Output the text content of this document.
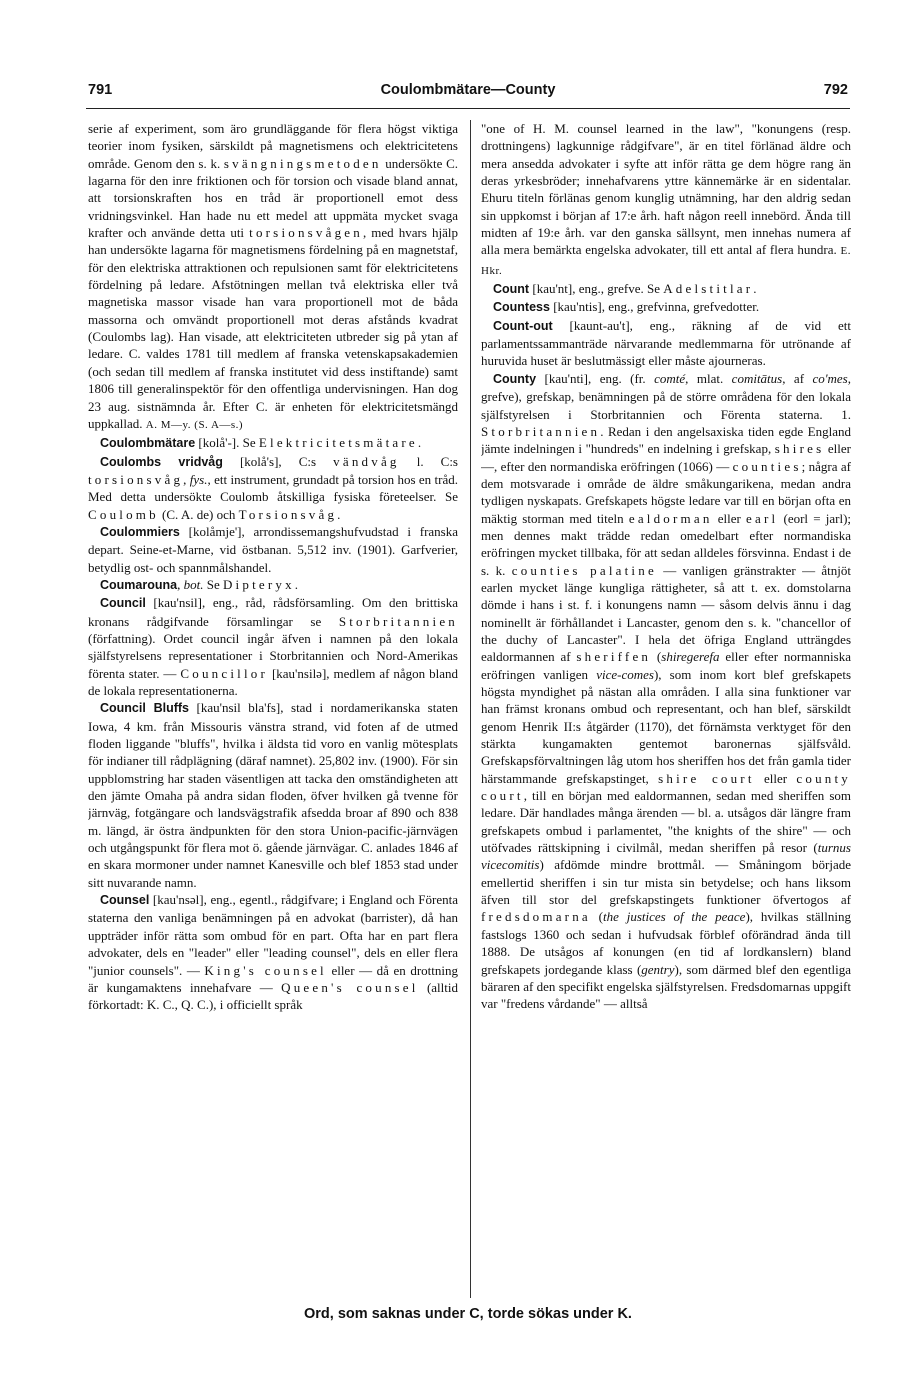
791	Coulombmätare—County	792

serie af experiment, som äro grundläggande för flera högst viktiga teorier inom fysiken, särskildt på magnetismens och elektricitetens område. Genom den s. k. svängningsmetoden undersökte C. lagarna för den inre friktionen och för torsion och visade bland annat, att torsionskraften hos en tråd är proportionell emot dess vridningsvinkel. Han hade nu ett medel att uppmäta mycket svaga krafter och använde detta uti torsionsvågen, med hvars hjälp han undersökte lagarna för magnetismens fördelning på en magnetstaf, för den elektriska attraktionen och repulsionen samt för elektricitetens fördelning på ledare. Afstötningen mellan två elektriska eller två magnetiska massor visade han vara proportionell mot de båda massorna och omvändt proportionell mot deras afstånds kvadrat (Coulombs lag). Han visade, att elektriciteten utbreder sig på ytan af ledare. C. valdes 1781 till medlem af franska vetenskapsakademien (och sedan till medlem af franska institutet vid dess instiftande) samt 1806 till generalinspektör för den offentliga undervisningen. Han dog 23 aug. sistnämnda år. Efter C. är enheten för elektricitetsmängd uppkallad. A. M—y. (S. A—s.)

Coulombmätare [kolå'-]. Se Elektricitetsmätare.

Coulombs vridvåg [kolå's], C:s vändvåg l. C:s torsionsvåg, fys., ett instrument, grundadt på torsion hos en tråd. Med detta undersökte Coulomb åtskilliga fysiska företeelser. Se Coulomb (C. A. de) och Torsionsvåg.

Coulommiers [kolåmje'], arrondissemangshufvudstad i franska depart. Seine-et-Marne, vid östbanan. 5,512 inv. (1901). Garfverier, betydlig ost- och spannmålshandel.

Coumarouna, bot. Se Dipteryx.

Council [kau'nsil], eng., råd, rådsförsamling. Om den brittiska kronans rådgifvande församlingar se Storbritannien (författning). Ordet council ingår äfven i namnen på den lokala själfstyrelsens representationer i Storbritannien och Nord-Amerikas förenta stater. — Councillor [kau'nsilə], medlem af någon bland de lokala representationerna.

Council Bluffs [kau'nsil bla'fs], stad i nordamerikanska staten Iowa, 4 km. från Missouris vänstra strand, vid foten af de utmed floden liggande "bluffs", hvilka i äldsta tid voro en vanlig mötesplats för indianer till rådplägning (däraf namnet). 25,802 inv. (1900). För sin uppblomstring har staden väsentligen att tacka den omständigheten att den jämte Omaha på andra sidan floden, öfver hvilken gå tvenne för järnväg, fotgängare och landsvägstrafik afsedda broar af 890 och 838 m. längd, är östra ändpunkten för den stora Union-pacific-järnvägen och utgångspunkt för flera mot ö. gående järnvägar. C. anlades 1846 af en skara mormoner under namnet Kanesville och blef 1853 stad under sitt nuvarande namn.

Counsel [kau'nsəl], eng., egentl., rådgifvare; i England och Förenta staterna den vanliga benämningen på en advokat (barrister), då han uppträder inför rätta som ombud för en part. Ofta har en part flera advokater, dels en "leader" eller "leading counsel", dels en eller flera "junior counsels". — King's counsel eller — då en drottning är kungamaktens innehafvare — Queen's counsel (alltid förkortadt: K. C., Q. C.), i officiellt språk

"one of H. M. counsel learned in the law", "konungens (resp. drottningens) lagkunnige rådgifvare", är en titel förlänad äldre och mera ansedda advokater i syfte att inför rätta ge dem högre rang än deras yrkesbröder; innehafvarens yttre kännemärke är en sidentalar. Ehuru titeln förlänas genom kunglig utnämning, har den aldrig sedan sin uppkomst i början af 17:e årh. haft någon reell innebörd. Ända till midten af 19:e årh. var den ganska sällsynt, men innehas numera af alla mera bemärkta engelska advokater, till ett antal af flera hundra. E. Hkr.

Count [kau'nt], eng., grefve. Se Adelstitlar.

Countess [kau'ntis], eng., grefvinna, grefvedotter.

Count-out [kaunt-au't], eng., räkning af de vid ett parlamentssammanträde närvarande medlemmarna för utrönande af huruvida huset är beslutmässigt eller måste ajourneras.

County [kau'nti], eng. (fr. comté, mlat. comitātus, af co'mes, grefve), grefskap, benämningen på de större områdena för den lokala själfstyrelsen i Storbritannien och Förenta staterna. 1. Storbritannien. Redan i den angelsaxiska tiden egde England jämte indelningen i "hundreds" en indelning i grefskap, shires eller —, efter den normandiska eröfringen (1066) — counties; några af dem motsvarade i område de äldre småkungarikena, medan andra tydligen nyskapats. Grefskapets högste ledare var till en början ofta en mäktig storman med titeln ealdorman eller earl (eorl = jarl); men dennes makt trädde redan omedelbart efter normandiska eröfringen mycket tillbaka, för att sedan alldeles försvinna. Endast i de s. k. counties palatine — vanligen gränstrakter — åtnjöt earlen mycket länge kungliga rättigheter, så att t. ex. domstolarna dömde i hans i st. f. i konungens namn — såsom delvis ännu i dag nominellt är förhållandet i Lancaster, genom den s. k. "chancellor of the duchy of Lancaster". I hela det öfriga England utträngdes ealdormannen af sheriffen (shiregerefa eller efter normanniska eröfringen vanligen vice-comes), som inom kort blef grefskapets högsta myndighet på nästan alla områden. I alla sina funktioner var han främst kronans ombud och representant, och han blef, särskildt genom Henrik II:s åtgärder (1170), det förnämsta verktyget för den stärkta kungamakten gentemot baronernas själfsvåld. Grefskapsförvaltningen låg utom hos sheriffen hos det från gamla tider härstammande grefskapstinget, shire court eller county court, till en början med ealdormannen, sedan med sheriffen som ledare. Där handlades många ärenden — bl. a. utsågos där längre fram grefskapets ombud i parlamentet, "the knights of the shire" — och utöfvades rättskipning i civilmål, medan sheriffen på resor (turnus vicecomitis) afdömde mindre brottmål. — Småningom började emellertid sheriffen i sin tur mista sin betydelse; och hans liksom äfven till stor del grefskapstingets funktioner öfvertogos af fredsdomarna (the justices of the peace), hvilkas ställning fastslogs 1360 och sedan i hufvudsak förblef oförändrad ända till 1888. De utsågos af konungen (en tid af lordkanslern) bland grefskapets jordegande klass (gentry), som därmed blef den egentliga bäraren af den specifikt engelska själfstyrelsen. Fredsdomarnas uppgift var "fredens vårdande" — alltså

Ord, som saknas under C, torde sökas under K.
